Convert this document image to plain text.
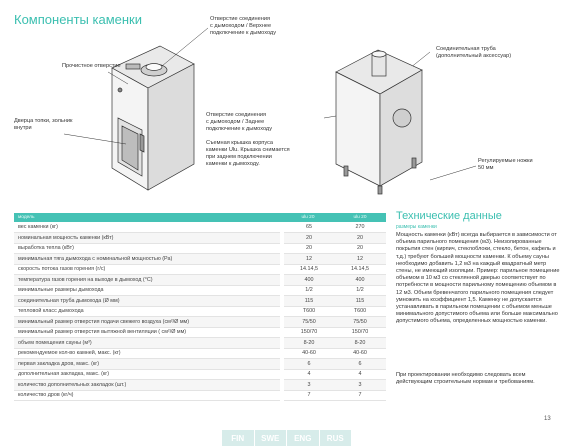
Компоненты каменки	Отверстие соединения
с дымоходом / Верхнее
подключение к дымоходу
Прочистное отверстие
Дверца топки, зольник
внутри
Отверстие соединения
с дымоходом / Заднее
подключение к дымоходу
Съемная крышка корпуса
каменки Ulu. Крышка снимается
при заднем подключении
каменки к дымоходу.
Соединительная труба
(дополнительный аксессуар)
Регулируемые ножки
50 мм
модель	ulu 20	ulu 20
вес каменки (кг)	65	270
номинальная мощность каменки (кВт)	20	20
выработка тепла (кВт)	20	20
минимальная тяга дымохода с номинальной мощностью (Ра)	12	12
скорость потока газов горения (г/с)	14.14,5	14.14,5
температура газов горения на выходе в дымоход (°C)	400	400
минимальные размеры дымохода	1/2	1/2
соединительная труба дымохода (Ø мм)	115	115
тепловой класс дымохода	T600	T600
минимальный размер отверстия подачи свежего воздуха (см²/Ø мм)	75/50	75/50
минимальный размер отверстия вытяжной вентиляции ( см²/Ø мм)	150/70	150/70
объем помещения сауны (м³)	8-20	8-20
рекомендуемое кол-во камней, макс. (кг)	40-60	40-60
первая закладка дров, макс. (кг)	6	6
дополнительная закладка, макс. (кг)	4	4
количество дополнительных закладок (шт.)	3	3
количество дров (кг/ч)	7	7
Технические данные
размеры каменки
Мощность каменки (кВт) всегда выбирается в зависимости от объема парильного помещения (м3). Неизолированные покрытия стен (кирпич, стеклоблоки, стекло, бетон, кафель и т.д.) требуют большей мощности каменки. К объему сауны необходимо добавить 1,2 м3 на каждый квадратный метр стены, не имеющий изоляции. Пример: парильное помещение объемом в 10 м3 со стеклянной дверью соответствует по потребности в мощности парильному помещению объемом в 12 м3. Объем бревенчатого парильного помещения следует умножить на коэффициент 1,5. Каменку не допускается устанавливать в парильном помещении с объемом меньше минимального допустимого объема или больше максимально допустимого объема, определенных мощностью каменки.
При проектировании необходимо следовать всем действующим строительным нормам и требованиям.
13
FIN	SWE	ENG	RUS
